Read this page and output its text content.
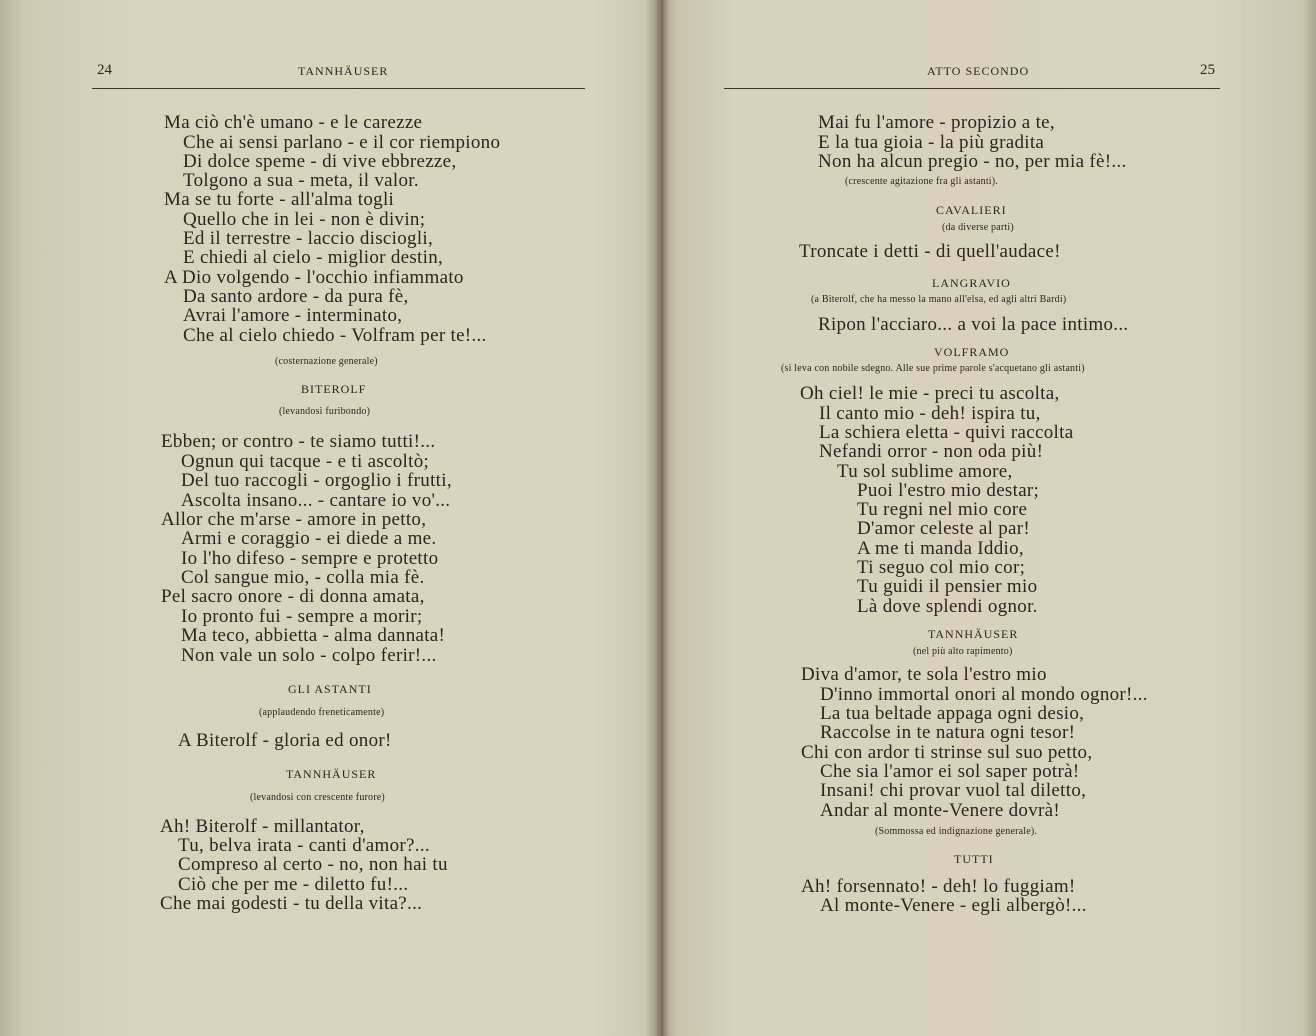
24	TANNHÄUSER
Ma ciò ch'è umano - e le carezze
Che ai sensi parlano - e il cor riempiono
Di dolce speme - di vive ebbrezze,
Tolgono a sua - meta, il valor.
Ma se tu forte - all'alma togli
Quello che in lei - non è divin;
Ed il terrestre - laccio disciogli,
E chiedi al cielo - miglior destin,
A Dio volgendo - l'occhio infiammato
Da santo ardore - da pura fè,
Avrai l'amore - interminato,
Che al cielo chiedo - Volfram per te!...
(costernazione generale)
BITEROLF
(levandosi furibondo)
Ebben; or contro - te siamo tutti!...
Ognun qui tacque - e ti ascoltò;
Del tuo raccogli - orgoglio i frutti,
Ascolta insano... - cantare io vo'...
Allor che m'arse - amore in petto,
Armi e coraggio - ei diede a me.
Io l'ho difeso - sempre e protetto
Col sangue mio, - colla mia fè.
Pel sacro onore - di donna amata,
Io pronto fui - sempre a morir;
Ma teco, abbietta - alma dannata!
Non vale un solo - colpo ferir!...
GLI ASTANTI
(applaudendo freneticamente)
A Biterolf - gloria ed onor!
TANNHÄUSER
(levandosi con crescente furore)
Ah! Biterolf - millantator,
Tu, belva irata - canti d'amor?...
Compreso al certo - no, non hai tu
Ciò che per me - diletto fu!...
Che mai godesti - tu della vita?...
ATTO SECONDO	25
Mai fu l'amore - propizio a te,
E la tua gioia - la più gradita
Non ha alcun pregio - no, per mia fè!...
(crescente agitazione fra gli astanti).
CAVALIERI
(da diverse parti)
Troncate i detti - di quell'audace!
LANGRAVIO
(a Biterolf, che ha messo la mano all'elsa, ed agli altri Bardi)
Ripon l'acciaro... a voi la pace intimo...
VOLFRAMO
(si leva con nobile sdegno. Alle sue prime parole s'acquetano gli astanti)
Oh ciel! le mie - preci tu ascolta,
Il canto mio - deh! ispira tu,
La schiera eletta - quivi raccolta
Nefandi orror - non oda più!
Tu sol sublime amore,
Puoi l'estro mio destar;
Tu regni nel mio core
D'amor celeste al par!
A me ti manda Iddio,
Ti seguo col mio cor;
Tu guidi il pensier mio
Là dove splendi ognor.
TANNHÄUSER
(nel più alto rapimento)
Diva d'amor, te sola l'estro mio
D'inno immortal onori al mondo ognor!...
La tua beltade appaga ogni desio,
Raccolse in te natura ogni tesor!
Chi con ardor ti strinse sul suo petto,
Che sia l'amor ei sol saper potrà!
Insani! chi provar vuol tal diletto,
Andar al monte-Venere dovrà!
(Sommossa ed indignazione generale).
TUTTI
Ah! forsennato! - deh! lo fuggiam!
Al monte-Venere - egli albergò!...
